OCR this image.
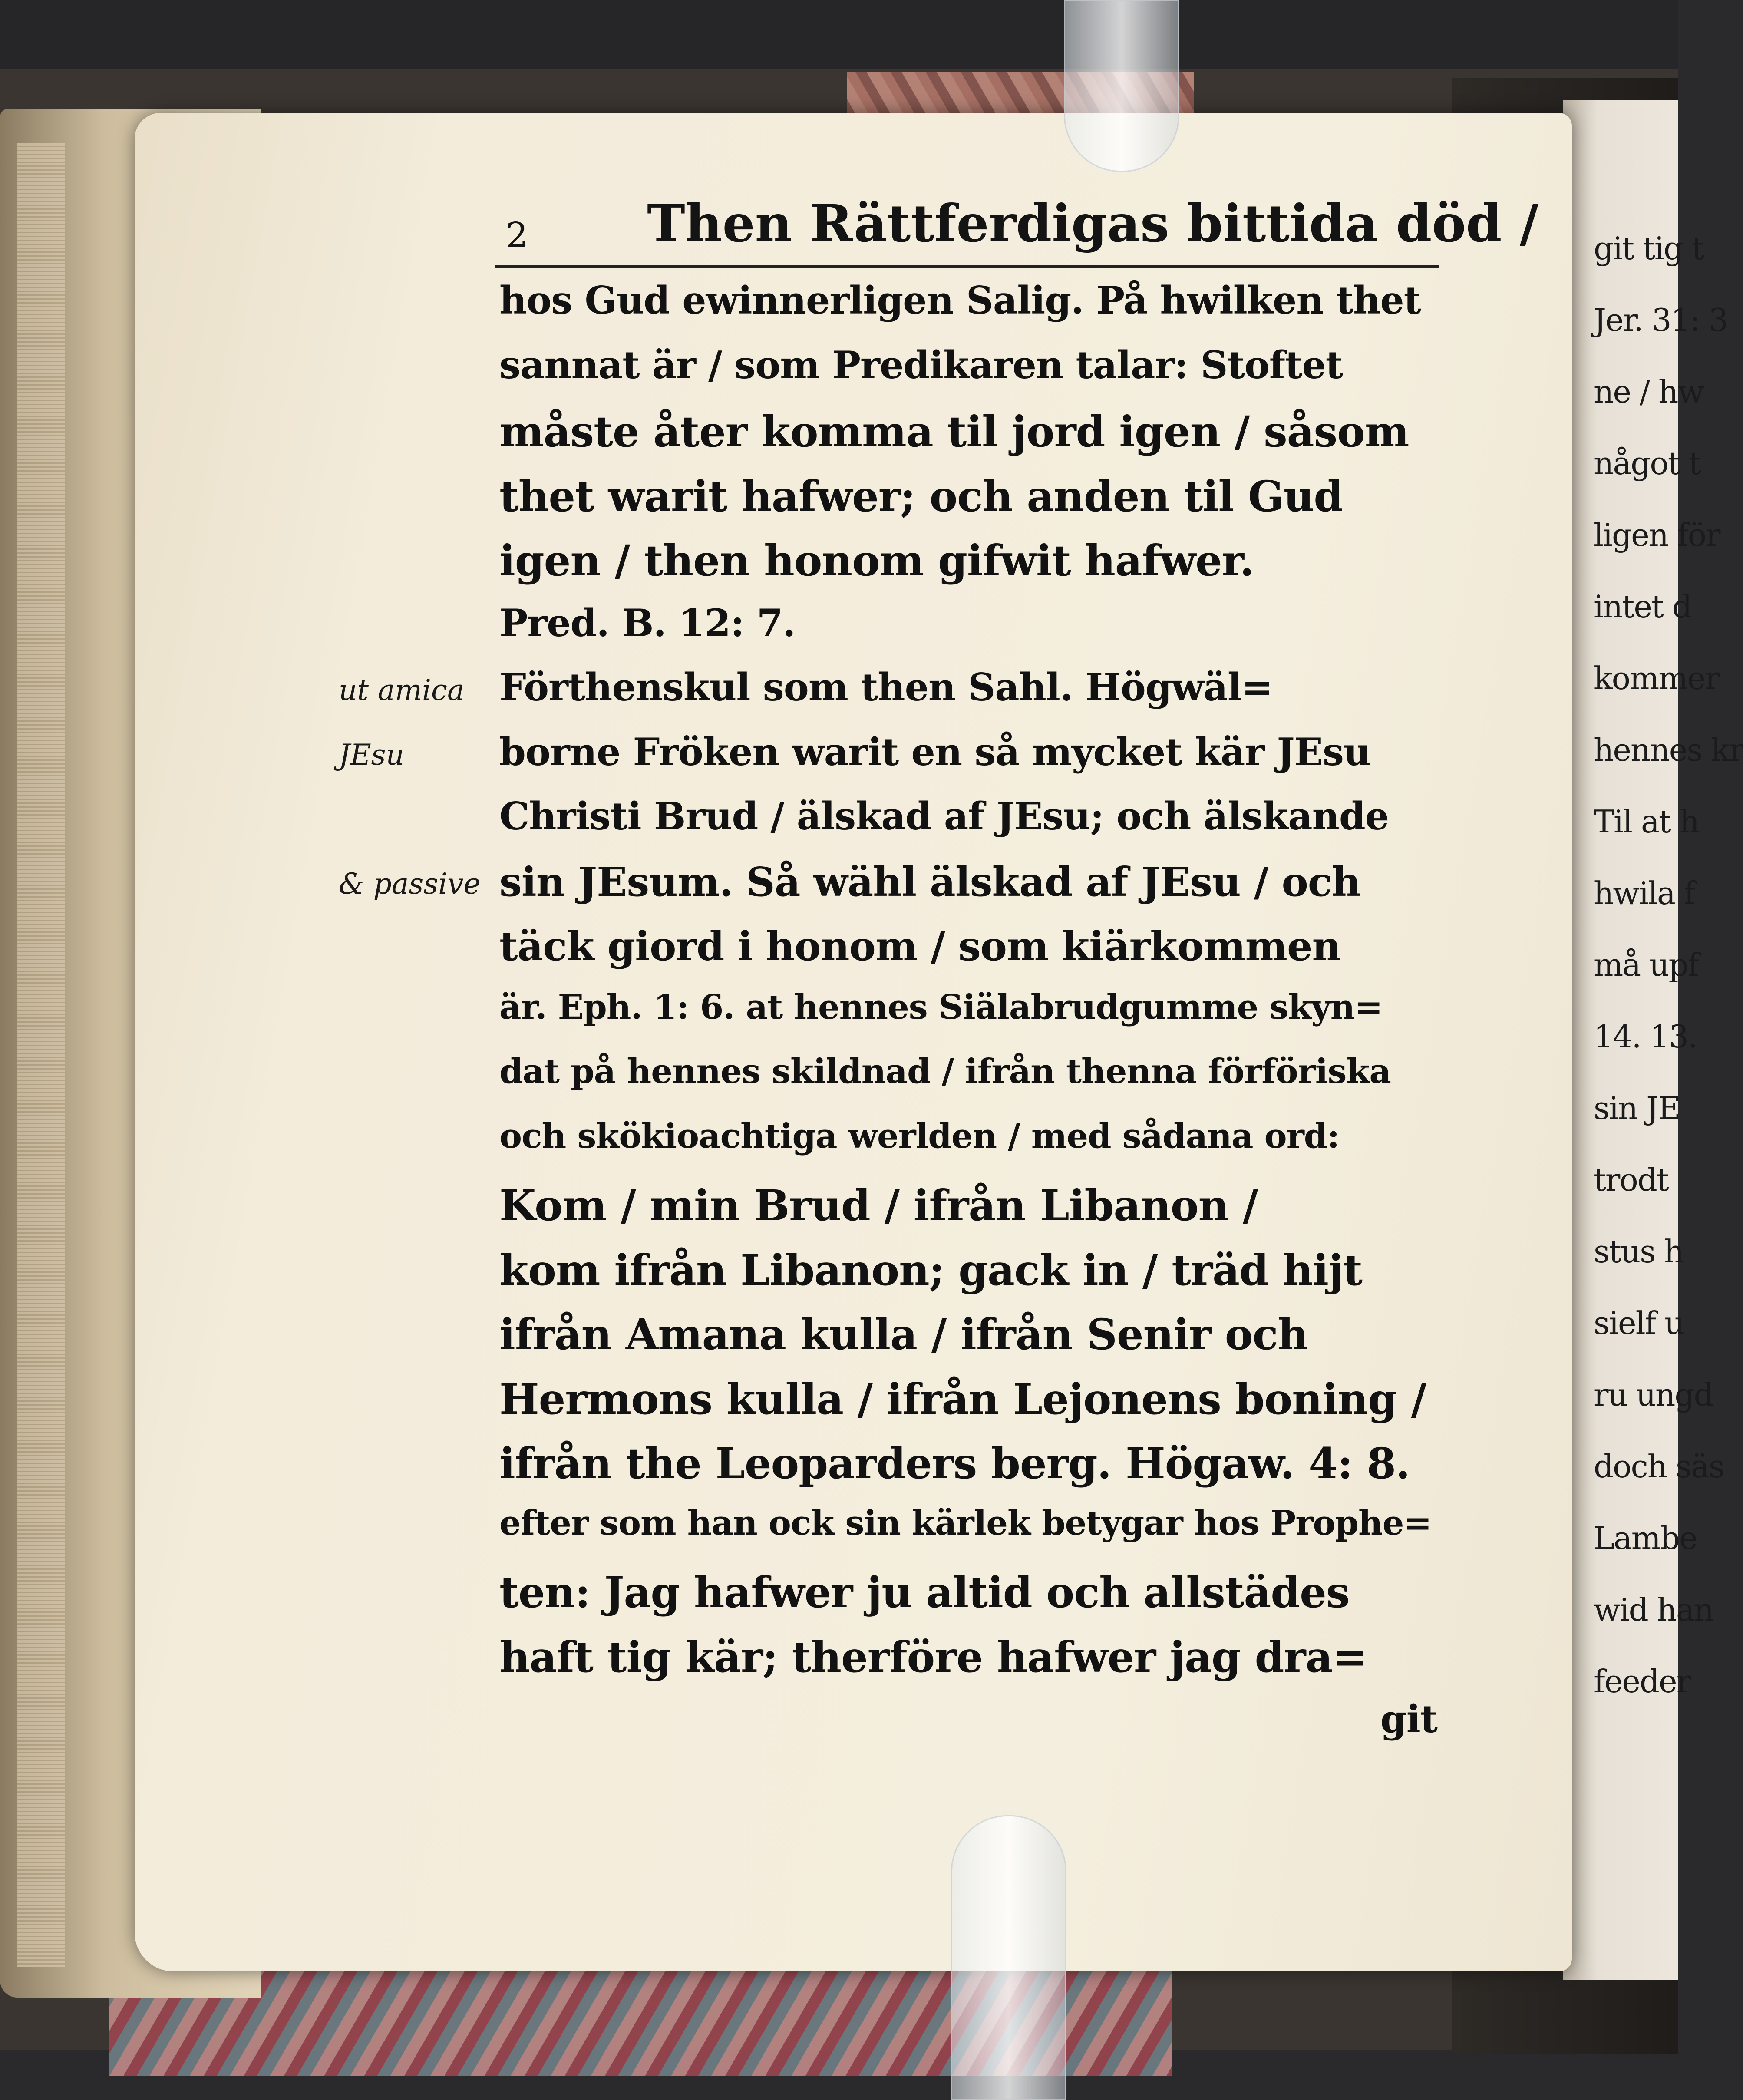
git tig t
Jer. 31: 3
ne / hw
något t
ligen för
intet d
kommer
hennes kr
Til at h
hwila f
må upf
14. 13.
sin JE
trodt
stus h
sielf u
ru ungd
doch säs
Lambe
wid han
feeder
2 Then Rättferdigas bittida död /
hos Gud ewinnerligen Salig. På hwilken thet
sannat är / som Predikaren talar: Stoftet
måste åter komma til jord igen / såsom
thet warit hafwer; och anden til Gud
igen / then honom gifwit hafwer.
Pred. B. 12: 7.
Förthenskul som then Sahl. Högwäl=
borne Fröken warit en så mycket kär JEsu
Christi Brud / älskad af JEsu; och älskande
sin JEsum. Så wähl älskad af JEsu / och
täck giord i honom / som kiärkommen
är. Eph. 1: 6. at hennes Siälabrudgumme skyn=
dat på hennes skildnad / ifrån thenna förföriska
och skökioachtiga werlden / med sådana ord:
Kom / min Brud / ifrån Libanon /
kom ifrån Libanon; gack in / träd hijt
ifrån Amana kulla / ifrån Senir och
Hermons kulla / ifrån Lejonens boning /
ifrån the Leoparders berg. Högaw. 4: 8.
efter som han ock sin kärlek betygar hos Prophe=
ten: Jag hafwer ju altid och allstädes
haft tig kär; therföre hafwer jag dra=
git
ut amica
JEsu
& passive
